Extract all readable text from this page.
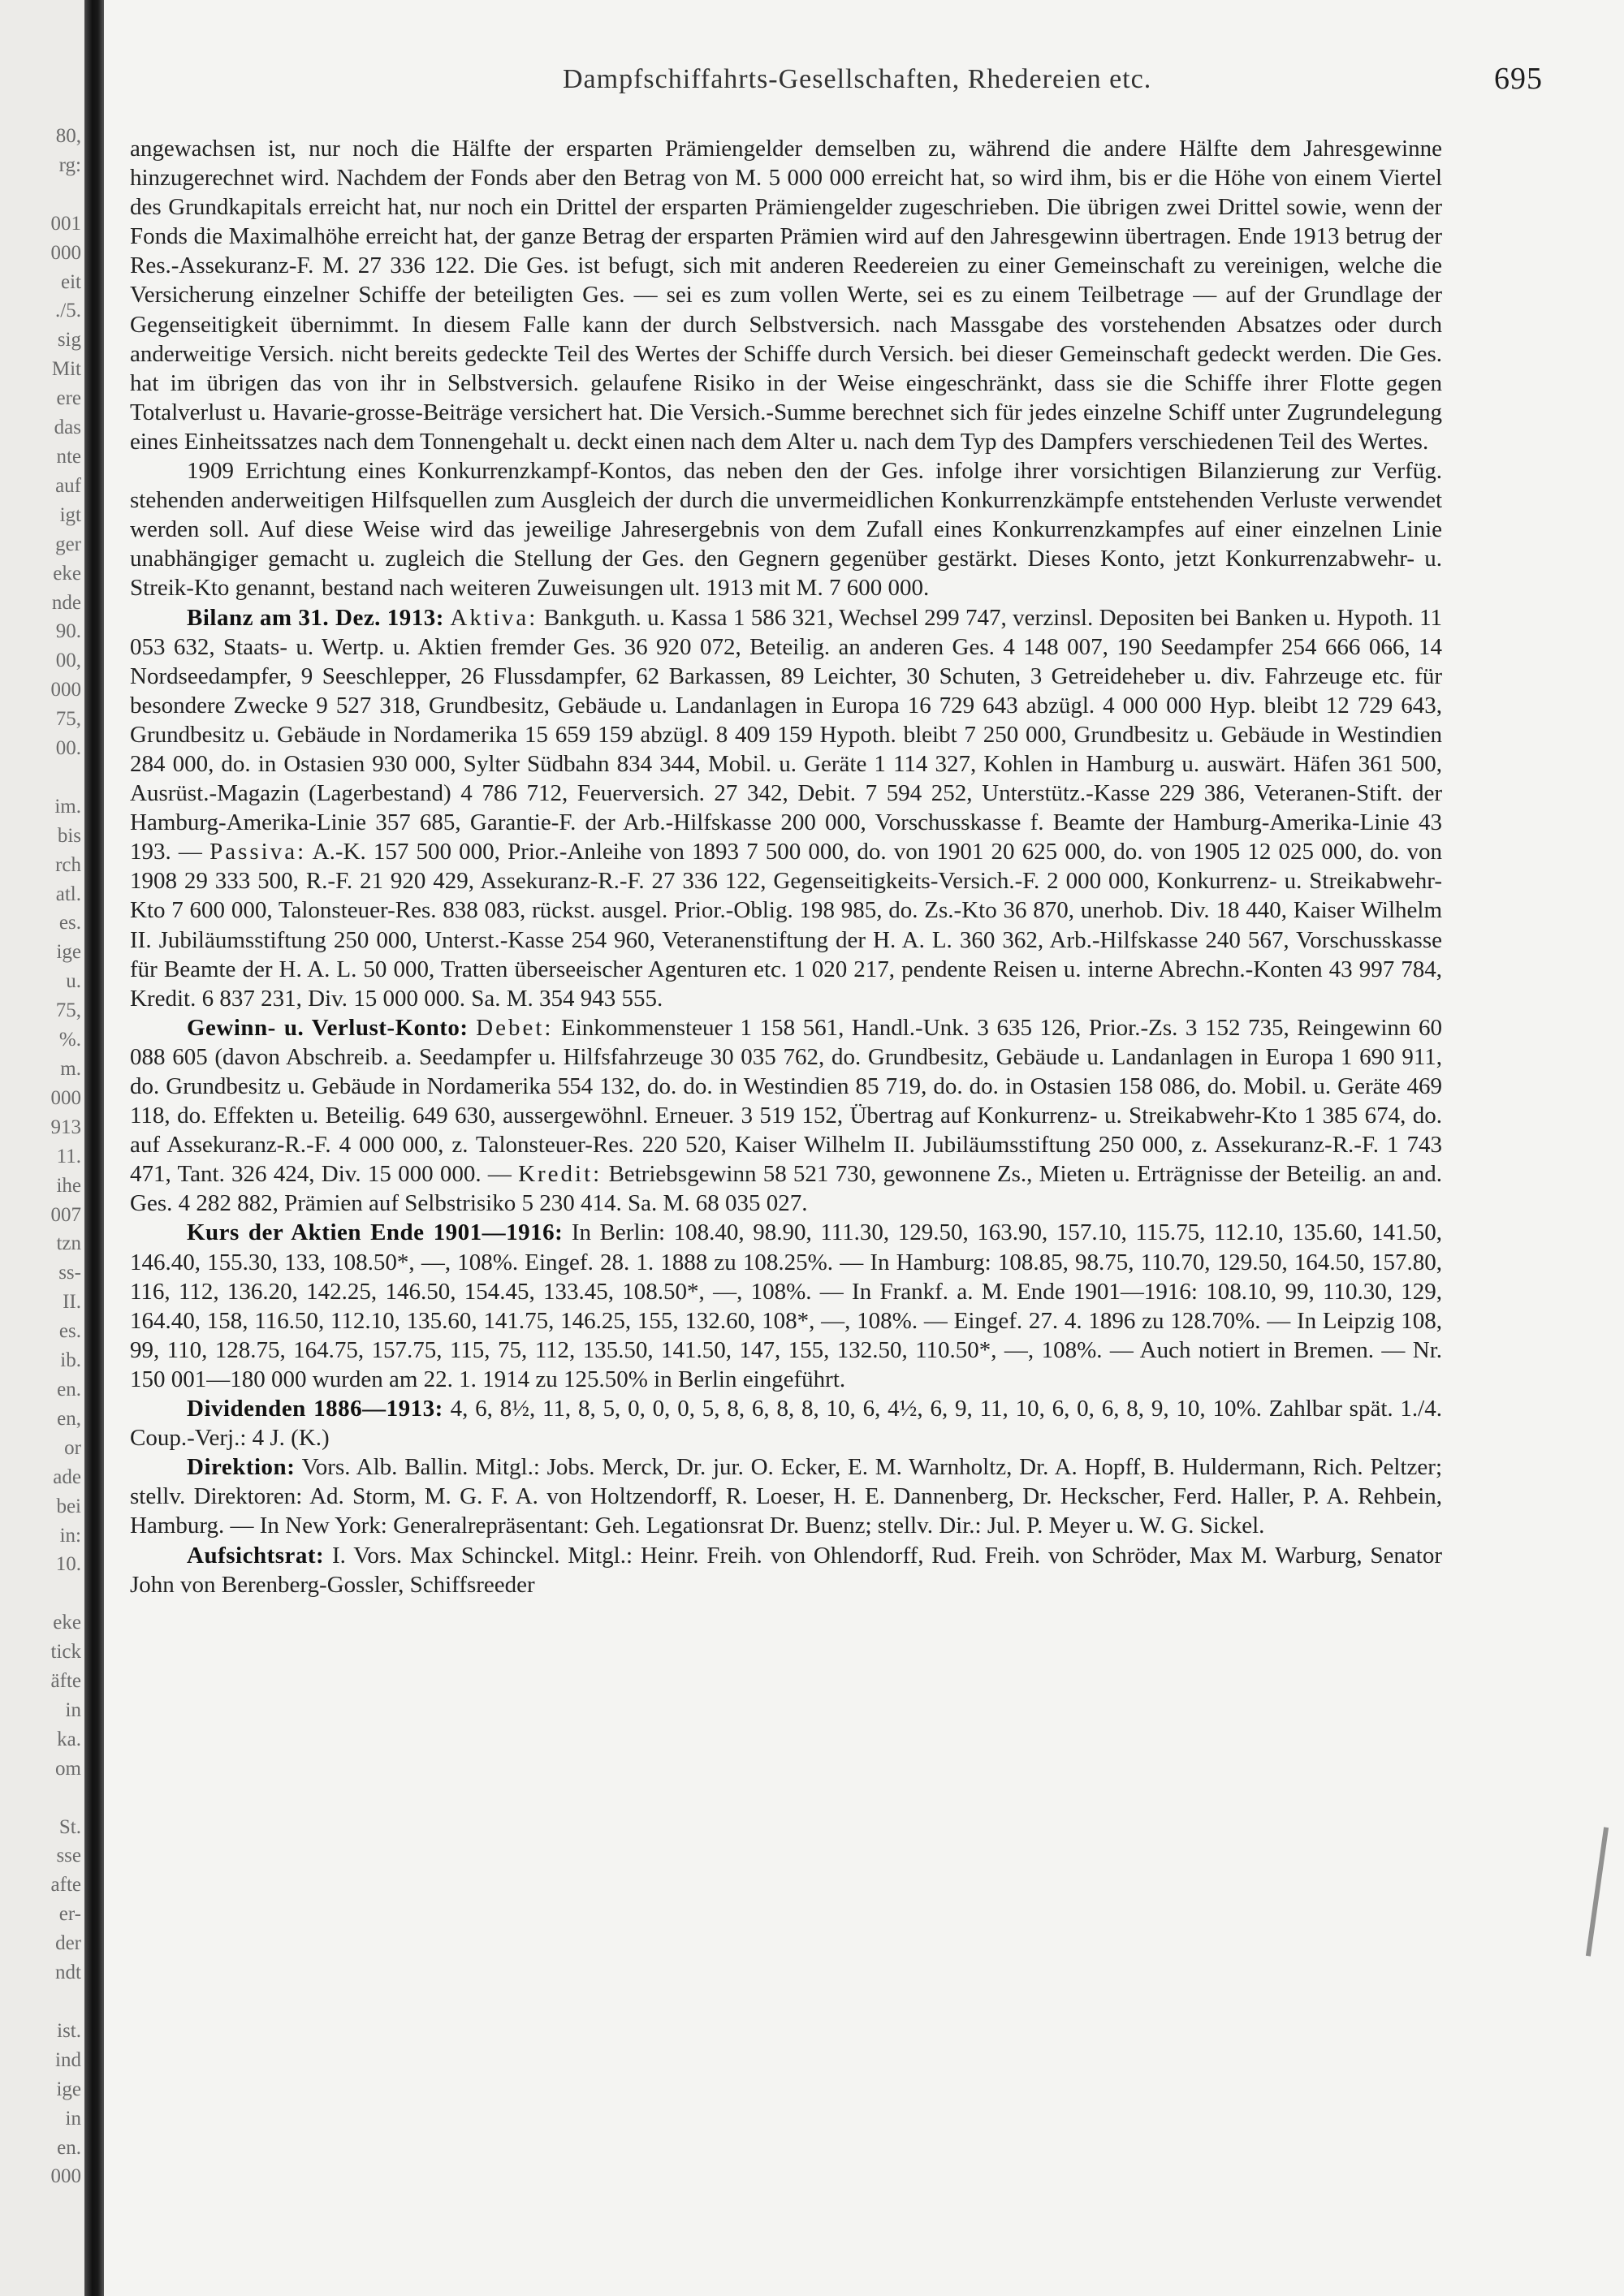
80,
rg:

001
000
eit
./5.
sig
Mit
ere
das
nte
auf
igt
ger
eke
nde
90.
00,
000
75,
00.

im.
bis
rch
atl.
es.
ige
u.
75,
%.
m.
000
913
11.
ihe
007
tzn
ss-
II.
es.
ib.
en.
en,
or
ade
bei
in:
10.

eke
tick
äfte
in
ka.
om

St.
sse
afte
er-
der
ndt

ist.
ind
ige
in
en.
000
Dampfschiffahrts-Gesellschaften, Rhedereien etc.	695

angewachsen ist, nur noch die Hälfte der ersparten Prämiengelder demselben zu, während die andere Hälfte dem Jahresgewinne hinzugerechnet wird. Nachdem der Fonds aber den Betrag von M. 5 000 000 erreicht hat, so wird ihm, bis er die Höhe von einem Viertel des Grundkapitals erreicht hat, nur noch ein Drittel der ersparten Prämiengelder zugeschrieben. Die übrigen zwei Drittel sowie, wenn der Fonds die Maximalhöhe erreicht hat, der ganze Betrag der ersparten Prämien wird auf den Jahresgewinn übertragen. Ende 1913 betrug der Res.-Assekuranz-F. M. 27 336 122. Die Ges. ist befugt, sich mit anderen Reedereien zu einer Gemeinschaft zu vereinigen, welche die Versicherung einzelner Schiffe der beteiligten Ges. — sei es zum vollen Werte, sei es zu einem Teilbetrage — auf der Grundlage der Gegenseitigkeit übernimmt. In diesem Falle kann der durch Selbstversich. nach Massgabe des vorstehenden Absatzes oder durch anderweitige Versich. nicht bereits gedeckte Teil des Wertes der Schiffe durch Versich. bei dieser Gemeinschaft gedeckt werden. Die Ges. hat im übrigen das von ihr in Selbstversich. gelaufene Risiko in der Weise eingeschränkt, dass sie die Schiffe ihrer Flotte gegen Totalverlust u. Havarie-grosse-Beiträge versichert hat. Die Versich.-Summe berechnet sich für jedes einzelne Schiff unter Zugrundelegung eines Einheitssatzes nach dem Tonnengehalt u. deckt einen nach dem Alter u. nach dem Typ des Dampfers verschiedenen Teil des Wertes.

1909 Errichtung eines Konkurrenzkampf-Kontos, das neben den der Ges. infolge ihrer vorsichtigen Bilanzierung zur Verfüg. stehenden anderweitigen Hilfsquellen zum Ausgleich der durch die unvermeidlichen Konkurrenzkämpfe entstehenden Verluste verwendet werden soll. Auf diese Weise wird das jeweilige Jahresergebnis von dem Zufall eines Konkurrenzkampfes auf einer einzelnen Linie unabhängiger gemacht u. zugleich die Stellung der Ges. den Gegnern gegenüber gestärkt. Dieses Konto, jetzt Konkurrenzabwehr- u. Streik-Kto genannt, bestand nach weiteren Zuweisungen ult. 1913 mit M. 7 600 000.

Bilanz am 31. Dez. 1913: Aktiva: Bankguth. u. Kassa 1 586 321, Wechsel 299 747, verzinsl. Depositen bei Banken u. Hypoth. 11 053 632, Staats- u. Wertp. u. Aktien fremder Ges. 36 920 072, Beteilig. an anderen Ges. 4 148 007, 190 Seedampfer 254 666 066, 14 Nordseedampfer, 9 Seeschlepper, 26 Flussdampfer, 62 Barkassen, 89 Leichter, 30 Schuten, 3 Getreideheber u. div. Fahrzeuge etc. für besondere Zwecke 9 527 318, Grundbesitz, Gebäude u. Landanlagen in Europa 16 729 643 abzügl. 4 000 000 Hyp. bleibt 12 729 643, Grundbesitz u. Gebäude in Nordamerika 15 659 159 abzügl. 8 409 159 Hypoth. bleibt 7 250 000, Grundbesitz u. Gebäude in Westindien 284 000, do. in Ostasien 930 000, Sylter Südbahn 834 344, Mobil. u. Geräte 1 114 327, Kohlen in Hamburg u. auswärt. Häfen 361 500, Ausrüst.-Magazin (Lagerbestand) 4 786 712, Feuerversich. 27 342, Debit. 7 594 252, Unterstütz.-Kasse 229 386, Veteranen-Stift. der Hamburg-Amerika-Linie 357 685, Garantie-F. der Arb.-Hilfskasse 200 000, Vorschusskasse f. Beamte der Hamburg-Amerika-Linie 43 193. — Passiva: A.-K. 157 500 000, Prior.-Anleihe von 1893 7 500 000, do. von 1901 20 625 000, do. von 1905 12 025 000, do. von 1908 29 333 500, R.-F. 21 920 429, Assekuranz-R.-F. 27 336 122, Gegenseitigkeits-Versich.-F. 2 000 000, Konkurrenz- u. Streikabwehr-Kto 7 600 000, Talonsteuer-Res. 838 083, rückst. ausgel. Prior.-Oblig. 198 985, do. Zs.-Kto 36 870, unerhob. Div. 18 440, Kaiser Wilhelm II. Jubiläumsstiftung 250 000, Unterst.-Kasse 254 960, Veteranenstiftung der H. A. L. 360 362, Arb.-Hilfskasse 240 567, Vorschusskasse für Beamte der H. A. L. 50 000, Tratten überseeischer Agenturen etc. 1 020 217, pendente Reisen u. interne Abrechn.-Konten 43 997 784, Kredit. 6 837 231, Div. 15 000 000. Sa. M. 354 943 555.

Gewinn- u. Verlust-Konto: Debet: Einkommensteuer 1 158 561, Handl.-Unk. 3 635 126, Prior.-Zs. 3 152 735, Reingewinn 60 088 605 (davon Abschreib. a. Seedampfer u. Hilfsfahrzeuge 30 035 762, do. Grundbesitz, Gebäude u. Landanlagen in Europa 1 690 911, do. Grundbesitz u. Gebäude in Nordamerika 554 132, do. do. in Westindien 85 719, do. do. in Ostasien 158 086, do. Mobil. u. Geräte 469 118, do. Effekten u. Beteilig. 649 630, aussergewöhnl. Erneuer. 3 519 152, Übertrag auf Konkurrenz- u. Streikabwehr-Kto 1 385 674, do. auf Assekuranz-R.-F. 4 000 000, z. Talonsteuer-Res. 220 520, Kaiser Wilhelm II. Jubiläumsstiftung 250 000, z. Assekuranz-R.-F. 1 743 471, Tant. 326 424, Div. 15 000 000. — Kredit: Betriebsgewinn 58 521 730, gewonnene Zs., Mieten u. Erträgnisse der Beteilig. an and. Ges. 4 282 882, Prämien auf Selbstrisiko 5 230 414. Sa. M. 68 035 027.

Kurs der Aktien Ende 1901—1916: In Berlin: 108.40, 98.90, 111.30, 129.50, 163.90, 157.10, 115.75, 112.10, 135.60, 141.50, 146.40, 155.30, 133, 108.50*, —, 108%. Eingef. 28. 1. 1888 zu 108.25%. — In Hamburg: 108.85, 98.75, 110.70, 129.50, 164.50, 157.80, 116, 112, 136.20, 142.25, 146.50, 154.45, 133.45, 108.50*, —, 108%. — In Frankf. a. M. Ende 1901—1916: 108.10, 99, 110.30, 129, 164.40, 158, 116.50, 112.10, 135.60, 141.75, 146.25, 155, 132.60, 108*, —, 108%. — Eingef. 27. 4. 1896 zu 128.70%. — In Leipzig 108, 99, 110, 128.75, 164.75, 157.75, 115, 75, 112, 135.50, 141.50, 147, 155, 132.50, 110.50*, —, 108%. — Auch notiert in Bremen. — Nr. 150 001—180 000 wurden am 22. 1. 1914 zu 125.50% in Berlin eingeführt.

Dividenden 1886—1913: 4, 6, 8½, 11, 8, 5, 0, 0, 0, 5, 8, 6, 8, 8, 10, 6, 4½, 6, 9, 11, 10, 6, 0, 6, 8, 9, 10, 10%. Zahlbar spät. 1./4. Coup.-Verj.: 4 J. (K.)

Direktion: Vors. Alb. Ballin. Mitgl.: Jobs. Merck, Dr. jur. O. Ecker, E. M. Warnholtz, Dr. A. Hopff, B. Huldermann, Rich. Peltzer; stellv. Direktoren: Ad. Storm, M. G. F. A. von Holtzendorff, R. Loeser, H. E. Dannenberg, Dr. Heckscher, Ferd. Haller, P. A. Rehbein, Hamburg. — In New York: Generalrepräsentant: Geh. Legationsrat Dr. Buenz; stellv. Dir.: Jul. P. Meyer u. W. G. Sickel.

Aufsichtsrat: I. Vors. Max Schinckel. Mitgl.: Heinr. Freih. von Ohlendorff, Rud. Freih. von Schröder, Max M. Warburg, Senator John von Berenberg-Gossler, Schiffsreeder
